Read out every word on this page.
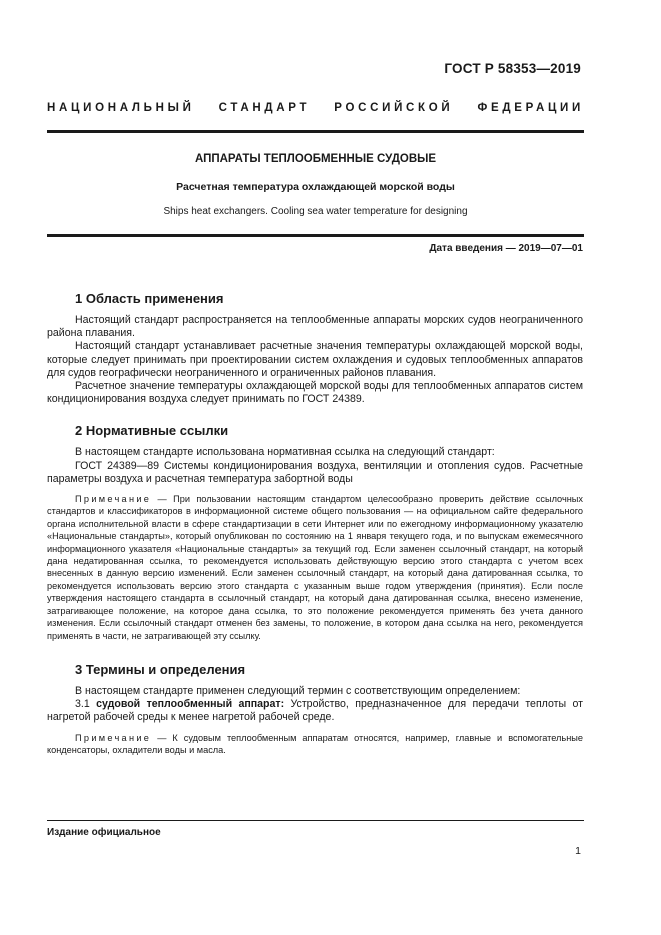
ГОСТ Р 58353—2019
НАЦИОНАЛЬНЫЙ СТАНДАРТ РОССИЙСКОЙ ФЕДЕРАЦИИ
АППАРАТЫ ТЕПЛООБМЕННЫЕ СУДОВЫЕ
Расчетная температура охлаждающей морской воды
Ships heat exchangers. Cooling sea water temperature for designing
Дата введения — 2019—07—01
1 Область применения

Настоящий стандарт распространяется на теплообменные аппараты морских судов неограниченного района плавания.

Настоящий стандарт устанавливает расчетные значения температуры охлаждающей морской воды, которые следует принимать при проектировании систем охлаждения и судовых теплообменных аппаратов для судов географически неограниченного и ограниченных районов плавания.

Расчетное значение температуры охлаждающей морской воды для теплообменных аппаратов систем кондиционирования воздуха следует принимать по ГОСТ 24389.

2 Нормативные ссылки

В настоящем стандарте использована нормативная ссылка на следующий стандарт:

ГОСТ 24389—89 Системы кондиционирования воздуха, вентиляции и отопления судов. Расчетные параметры воздуха и расчетная температура забортной воды

Примечание — При пользовании настоящим стандартом целесообразно проверить действие ссылочных стандартов и классификаторов в информационной системе общего пользования — на официальном сайте федерального органа исполнительной власти в сфере стандартизации в сети Интернет или по ежегодному информационному указателю «Национальные стандарты», который опубликован по состоянию на 1 января текущего года, и по выпускам ежемесячного информационного указателя «Национальные стандарты» за текущий год. Если заменен ссылочный стандарт, на который дана недатированная ссылка, то рекомендуется использовать действующую версию этого стандарта с учетом всех внесенных в данную версию изменений. Если заменен ссылочный стандарт, на который дана датированная ссылка, то рекомендуется использовать версию этого стандарта с указанным выше годом утверждения (принятия). Если после утверждения настоящего стандарта в ссылочный стандарт, на который дана датированная ссылка, внесено изменение, затрагивающее положение, на которое дана ссылка, то это положение рекомендуется применять без учета данного изменения. Если ссылочный стандарт отменен без замены, то положение, в котором дана ссылка на него, рекомендуется применять в части, не затрагивающей эту ссылку.

3 Термины и определения

В настоящем стандарте применен следующий термин с соответствующим определением:

3.1 судовой теплообменный аппарат: Устройство, предназначенное для передачи теплоты от нагретой рабочей среды к менее нагретой рабочей среде.

Примечание — К судовым теплообменным аппаратам относятся, например, главные и вспомогательные конденсаторы, охладители воды и масла.

Издание официальное
1
